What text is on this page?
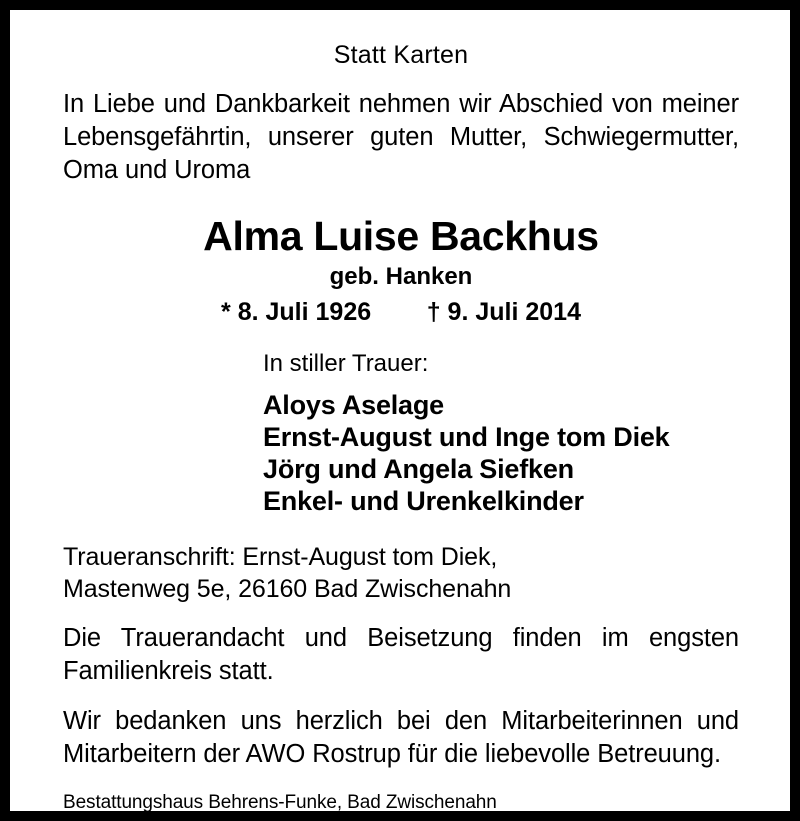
Statt Karten

In Liebe und Dankbarkeit nehmen wir Abschied von meiner Lebensgefährtin, unserer guten Mutter, Schwiegermutter, Oma und Uroma

Alma Luise Backhus
geb. Hanken
* 8. Juli 1926        † 9. Juli 2014
In stiller Trauer:
Aloys Aselage
Ernst-August und Inge tom Diek
Jörg und Angela Siefken
Enkel- und Urenkelkinder

Traueranschrift: Ernst-August tom Diek,

Mastenweg 5e, 26160 Bad Zwischenahn

Die Trauerandacht und Beisetzung finden im engsten Familienkreis statt.

Wir bedanken uns herzlich bei den Mitarbeiterinnen und Mitarbeitern der AWO Rostrup für die liebevolle Betreuung.

Bestattungshaus Behrens-Funke, Bad Zwischenahn
